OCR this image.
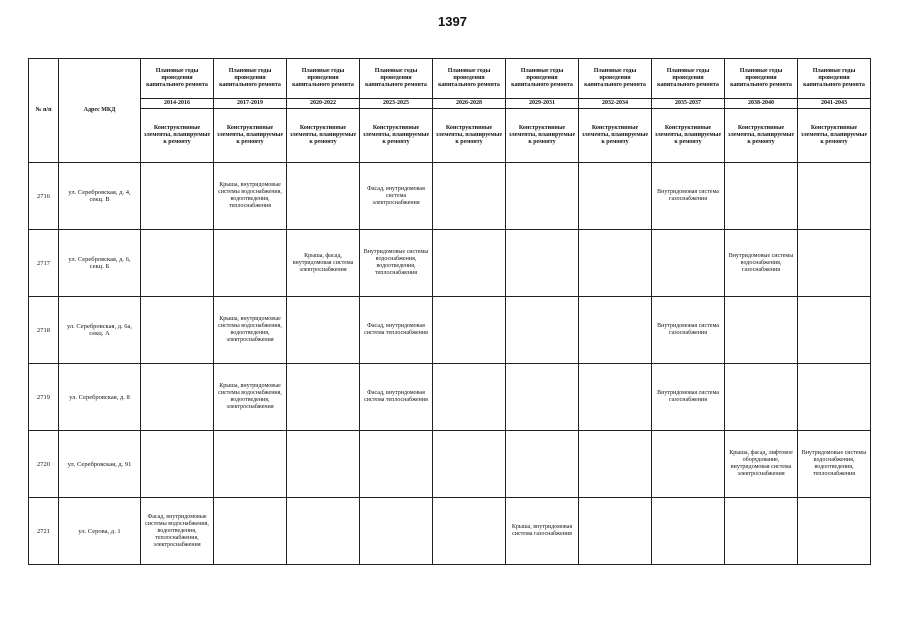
1397
№ п/п	Адрес МКД	Плановые годы проведения капитального ремонта	Плановые годы проведения капитального ремонта	Плановые годы проведения капитального ремонта	Плановые годы проведения капитального ремонта	Плановые годы проведения капитального ремонта	Плановые годы проведения капитального ремонта	Плановые годы проведения капитального ремонта	Плановые годы проведения капитального ремонта	Плановые годы проведения капитального ремонта	Плановые годы проведения капитального ремонта
		2014-2016	2017-2019	2020-2022	2023-2025	2026-2028	2029-2031	2032-2034	2035-2037	2038-2040	2041-2043
		Конструктивные элементы, планируемые к ремонту	Конструктивные элементы, планируемые к ремонту	Конструктивные элементы, планируемые к ремонту	Конструктивные элементы, планируемые к ремонту	Конструктивные элементы, планируемые к ремонту	Конструктивные элементы, планируемые к ремонту	Конструктивные элементы, планируемые к ремонту	Конструктивные элементы, планируемые к ремонту	Конструктивные элементы, планируемые к ремонту	Конструктивные элементы, планируемые к ремонту
2716	ул. Серебровская, д. 4, секц. В		Крыша, внутридомовые системы водоснабжения, водоотведения, теплоснабжения		Фасад, внутридомовая система электроснабжения				Внутридомовая система газоснабжения		
2717	ул. Серебровская, д. 6, секц. Б			Крыша, фасад, внутридомовая система электроснабжения	Внутридомовые системы водоснабжения, водоотведения, теплоснабжения					Внутридомовые системы водоснабжения, газоснабжения	
2718	ул. Серебровская, д. 6а, секц. А		Крыша, внутридомовые системы водоснабжения, водоотведения, электроснабжения		Фасад, внутридомовая система теплоснабжения				Внутридомовая система газоснабжения		
2719	ул. Серебровская, д. 8		Крыша, внутридомовые системы водоснабжения, водоотведения, электроснабжения		Фасад, внутридомовая система теплоснабжения				Внутридомовая система газоснабжения		
2720	ул. Серебровская, д. 91									Крыша, фасад, лифтовое оборудование, внутридомовая система электроснабжения	Внутридомовые системы водоснабжения, водоотведения, теплоснабжения
2721	ул. Серова, д. 1	Фасад, внутридомовые системы водоснабжения, водоотведения, теплоснабжения, электроснабжения					Крыша, внутридомовая система газоснабжения				
